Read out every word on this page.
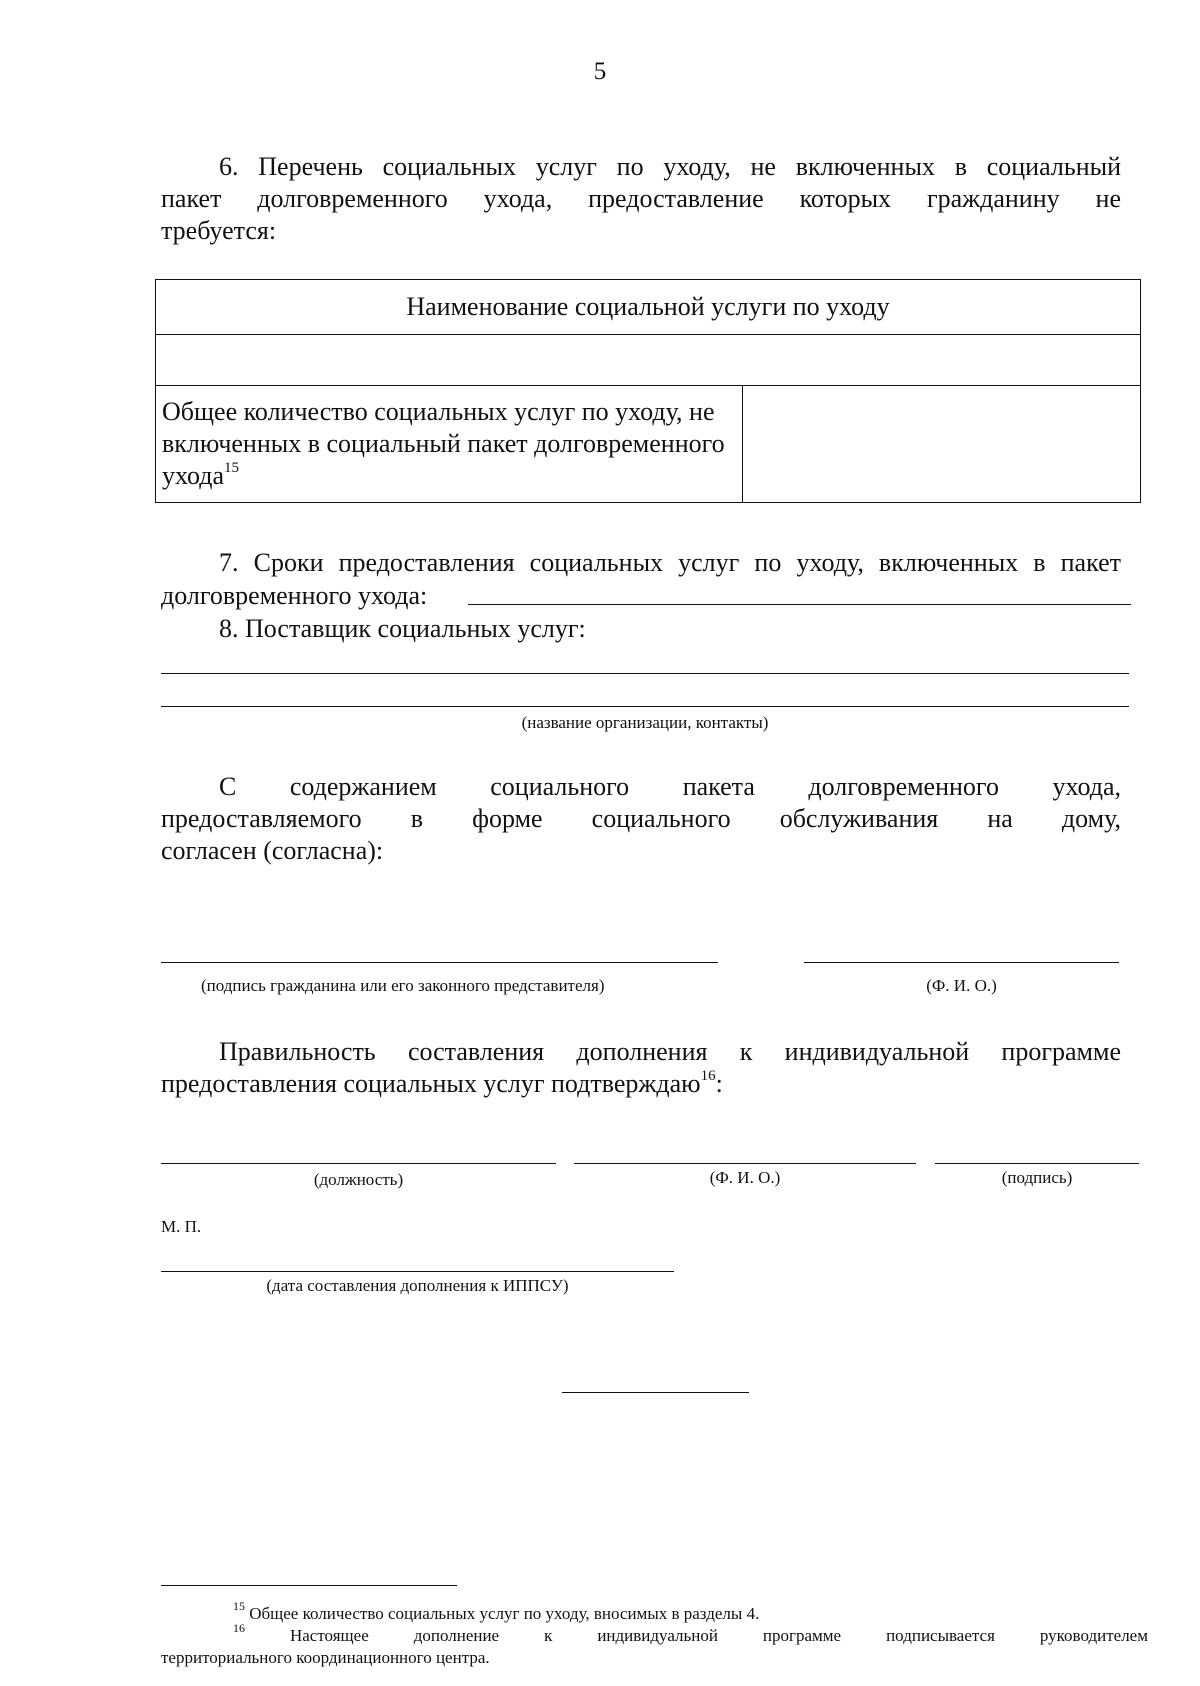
5
6. Перечень социальных услуг по уходу, не включенных в социальный
пакет долговременного ухода, предоставление которых гражданину не
требуется:
Наименование социальной услуги по уходу

Общее количество социальных услуг по уходу, не включенных в социальный пакет долговременного ухода$^{15}$	
7. Сроки предоставления социальных услуг по уходу, включенных в пакет
долговременного ухода:
8. Поставщик социальных услуг:
(название организации, контакты)
С содержанием социального пакета долговременного ухода,
предоставляемого в форме социального обслуживания на дому,
согласен (согласна):
(подпись гражданина или его законного представителя)	(Ф. И. О.)
Правильность составления дополнения к индивидуальной программе
предоставления социальных услуг подтверждаю$^{16}$:
(должность)	(Ф. И. О.)	(подпись)
М. П.
(дата составления дополнения к ИППСУ)
$^{15}$ Общее количество социальных услуг по уходу, вносимых в разделы 4.
$^{16}$	Настоящее дополнение к индивидуальной программе подписывается руководителем
территориального координационного центра.
